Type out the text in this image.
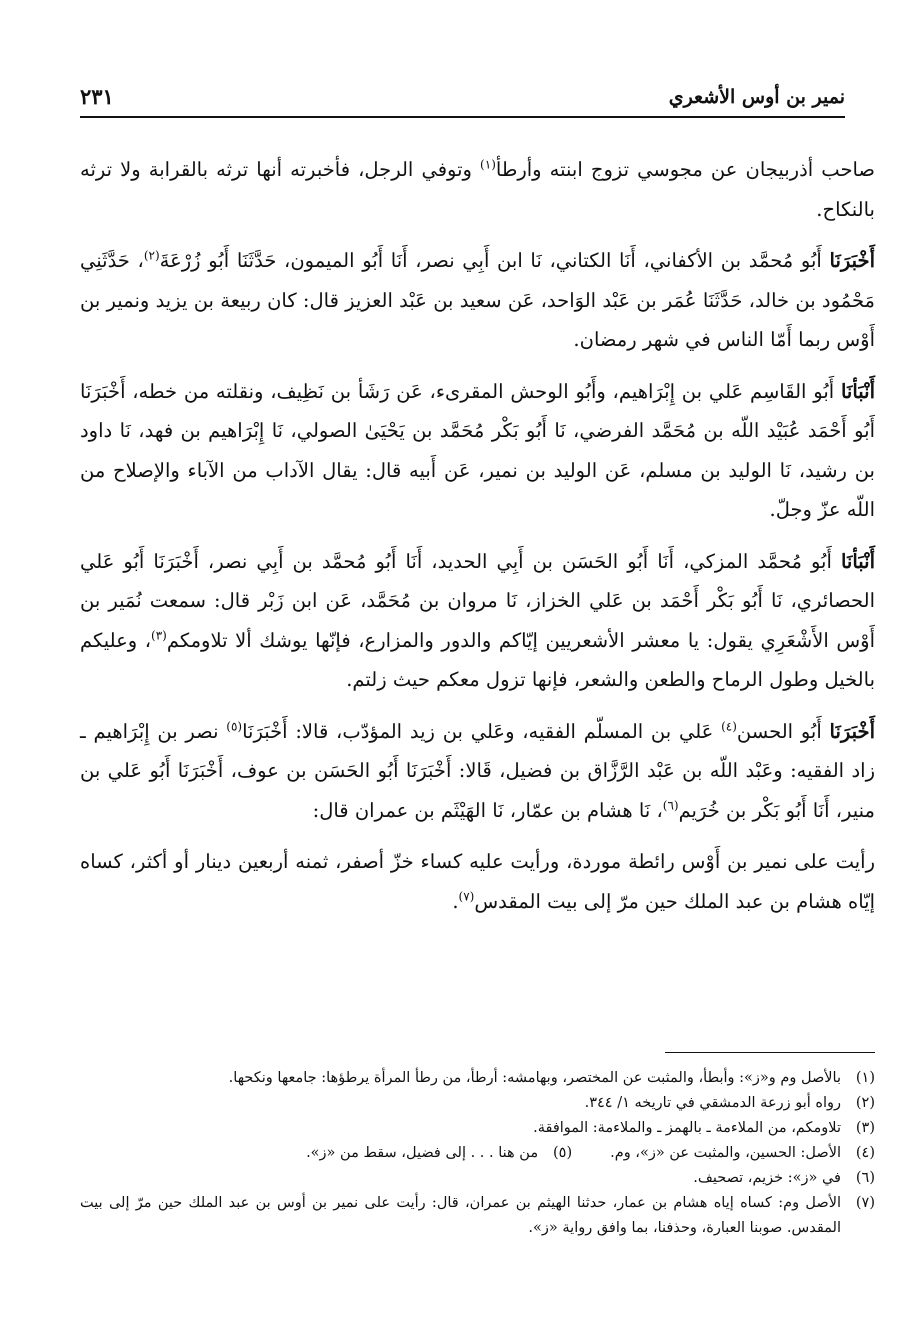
نمير بن أوس الأشعري
٢٣١

صاحب أذربيجان عن مجوسي تزوج ابنته وأرطأ$^{(١)}$ وتوفي الرجل، فأخبرته أنها ترثه بالقرابة ولا ترثه بالنكاح.

أَخْبَرَنَا أَبُو مُحمَّد بن الأكفاني، أَنَا الكتاني، نَا ابن أَبِي نصر، أَنَا أَبُو الميمون، حَدَّثَنَا أَبُو زُرْعَةَ$^{(٢)}$، حَدَّثَنِي مَحْمُود بن خالد، حَدَّثَنَا عُمَر بن عَبْد الوَاحد، عَن سعيد بن عَبْد العزيز قال: كان ربيعة بن يزيد ونمير بن أَوْس ربما أَمّا الناس في شهر رمضان.

أَنْبَأنَا أَبُو القَاسِم عَلي بن إِبْرَاهيم، وأَبُو الوحش المقرىء، عَن رَشَأ بن نَظِيف، ونقلته من خطه، أَخْبَرَنَا أَبُو أَحْمَد عُبَيْد اللّه بن مُحَمَّد الفرضي، نَا أَبُو بَكْر مُحَمَّد بن يَحْيَىٰ الصولي، نَا إِبْرَاهيم بن فهد، نَا داود بن رشيد، نَا الوليد بن مسلم، عَن الوليد بن نمير، عَن أَبيه قال: يقال الآداب من الآباء والإصلاح من اللّه عزّ وجلّ.

أَنْبَأنَا أَبُو مُحمَّد المزكي، أَنَا أَبُو الحَسَن بن أَبِي الحديد، أَنَا أَبُو مُحمَّد بن أَبِي نصر، أَخْبَرَنَا أَبُو عَلي الحصائري، نَا أَبُو بَكْر أَحْمَد بن عَلي الخزاز، نَا مروان بن مُحَمَّد، عَن ابن زَبْر قال: سمعت نُمَير بن أَوْس الأَشْعَرِي يقول: يا معشر الأشعريين إيّاكم والدور والمزارع، فإنّها يوشك ألا تلاومكم$^{(٣)}$، وعليكم بالخيل وطول الرماح والطعن والشعر، فإنها تزول معكم حيث زلتم.

أَخْبَرَنَا أَبُو الحسن$^{(٤)}$ عَلي بن المسلّم الفقيه، وعَلي بن زيد المؤدّب، قالا: أَخْبَرَنَا$^{(٥)}$ نصر بن إِبْرَاهيم ـ زاد الفقيه: وعَبْد اللّه بن عَبْد الرَّزَّاق بن فضيل، قَالا: أَخْبَرَنَا أَبُو الحَسَن بن عوف، أَخْبَرَنَا أَبُو عَلي بن منير، أَنَا أَبُو بَكْر بن خُرَيم$^{(٦)}$، نَا هشام بن عمّار، نَا الهَيْثَم بن عمران قال:

رأيت على نمير بن أَوْس رائطة موردة، ورأيت عليه كساء خزّ أصفر، ثمنه أربعين دينار أو أكثر، كساه إيّاه هشام بن عبد الملك حين مرّ إلى بيت المقدس$^{(٧)}$.

(١)
بالأصل وم و«ز»: وأبطأ، والمثبت عن المختصر، وبهامشه: أرطأ، من رطأ المرأة يرطؤها: جامعها ونكحها.
(٢)
رواه أبو زرعة الدمشقي في تاريخه ١/ ٣٤٤.
(٣)
تلاومكم، من الملاءمة ـ بالهمز ـ والملاءمة: الموافقة.
(٤)
الأصل: الحسين، والمثبت عن «ز»، وم.
(٥)
من هنا . . . إلى فضيل، سقط من «ز».
(٦)
في «ز»: خزيم، تصحيف.
(٧)
الأصل وم: كساه إياه هشام بن عمار، حدثنا الهيثم بن عمران، قال: رأيت على نمير بن أوس بن عبد الملك حين مرّ إلى بيت المقدس. صوبنا العبارة، وحذفنا، بما وافق رواية «ز».
